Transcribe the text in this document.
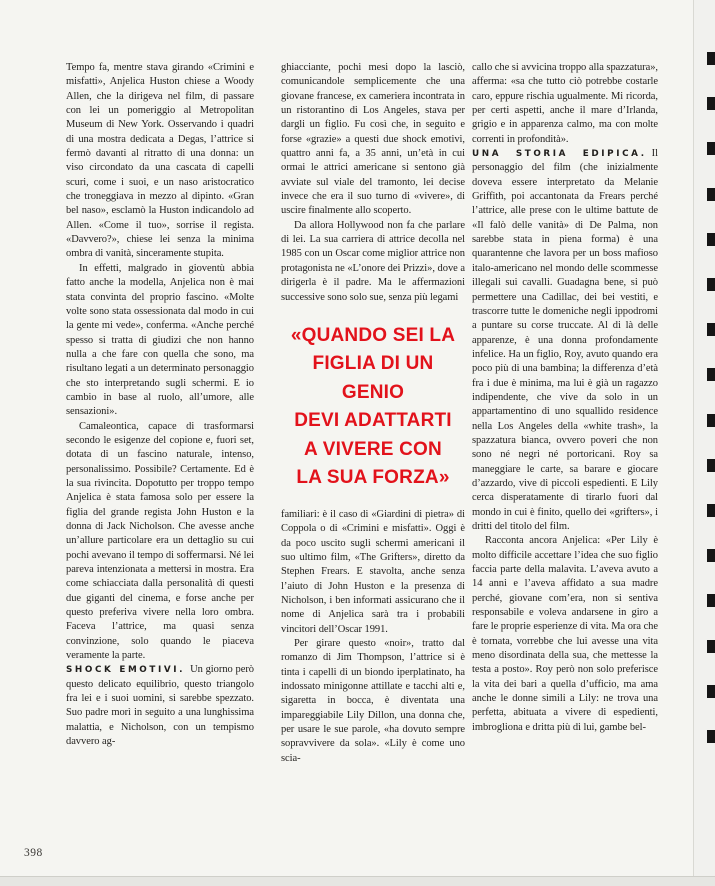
Tempo fa, mentre stava girando «Crimini e misfatti», Anjelica Huston chiese a Woody Allen, che la dirigeva nel film, di passare con lei un pomeriggio al Metropolitan Museum di New York. Osservando i quadri di una mostra dedicata a Degas, l’attrice si fermò davanti al ritratto di una donna: un viso circondato da una cascata di capelli scuri, come i suoi, e un naso aristocratico che troneggiava in mezzo al dipinto. «Gran bel naso», esclamò la Huston indicandolo ad Allen. «Come il tuo», sorrise il regista. «Davvero?», chiese lei senza la minima ombra di vanità, sinceramente stupita.

In effetti, malgrado in gioventù abbia fatto anche la modella, Anjelica non è mai stata convinta del proprio fascino. «Molte volte sono stata ossessionata dal modo in cui la gente mi vede», conferma. «Anche perché spesso si tratta di giudizi che non hanno nulla a che fare con quella che sono, ma risultano legati a un determinato personaggio che sto interpretando sugli schermi. E io cambio in base al ruolo, all’umore, alle sensazioni».

Camaleontica, capace di trasformarsi secondo le esigenze del copione e, fuori set, dotata di un fascino naturale, intenso, personalissimo. Possibile? Certamente. Ed è la sua rivincita. Dopotutto per troppo tempo Anjelica è stata famosa solo per essere la figlia del grande regista John Huston e la donna di Jack Nicholson. Che avesse anche un’allure particolare era un dettaglio su cui pochi avevano il tempo di soffermarsi. Né lei pareva intenzionata a mettersi in mostra. Era come schiacciata dalla personalità di questi due giganti del cinema, e forse anche per questo preferiva vivere nella loro ombra. Faceva l’attrice, ma quasi senza convinzione, solo quando le piaceva veramente la parte.

SHOCK EMOTIVI. Un giorno però questo delicato equilibrio, questo triangolo fra lei e i suoi uomini, si sarebbe spezzato. Suo padre morì in seguito a una lunghissima malattia, e Nicholson, con un tempismo davvero ag-

ghiacciante, pochi mesi dopo la lasciò, comunicandole semplicemente che una giovane francese, ex cameriera incontrata in un ristorantino di Los Angeles, stava per dargli un figlio. Fu così che, in seguito e forse «grazie» a questi due shock emotivi, quattro anni fa, a 35 anni, un’età in cui ormai le attrici americane si sentono già avviate sul viale del tramonto, lei decise invece che era il suo turno di «vivere», di uscire finalmente allo scoperto.

Da allora Hollywood non fa che parlare di lei. La sua carriera di attrice decolla nel 1985 con un Oscar come miglior attrice non protagonista ne «L’onore dei Prizzi», dove a dirigerla è il padre. Ma le affermazioni successive sono solo sue, senza più legami

«QUANDO SEI LA
FIGLIA DI UN GENIO
DEVI ADATTARTI
A VIVERE CON
LA SUA FORZA»

familiari: è il caso di «Giardini di pietra» di Coppola o di «Crimini e misfatti». Oggi è da poco uscito sugli schermi americani il suo ultimo film, «The Grifters», diretto da Stephen Frears. E stavolta, anche senza l’aiuto di John Huston e la presenza di Nicholson, i ben informati assicurano che il nome di Anjelica sarà tra i probabili vincitori dell’Oscar 1991.

Per girare questo «noir», tratto dal romanzo di Jim Thompson, l’attrice si è tinta i capelli di un biondo iperplatinato, ha indossato minigonne attillate e tacchi alti e, sigaretta in bocca, è diventata una impareggiabile Lily Dillon, una donna che, per usare le sue parole, «ha dovuto sempre sopravvivere da sola». «Lily è come uno scia-

callo che si avvicina troppo alla spazzatura», afferma: «sa che tutto ciò potrebbe costarle caro, eppure rischia ugualmente. Mi ricorda, per certi aspetti, anche il mare d’Irlanda, grigio e in apparenza calmo, ma con molte correnti in profondità».

UNA STORIA EDIPICA. Il personaggio del film (che inizialmente doveva essere interpretato da Melanie Griffith, poi accantonata da Frears perché l’attrice, alle prese con le ultime battute de «Il falò delle vanità» di De Palma, non sarebbe stata in piena forma) è una quarantenne che lavora per un boss mafioso italo-americano nel mondo delle scommesse illegali sui cavalli. Guadagna bene, si può permettere una Cadillac, dei bei vestiti, e trascorre tutte le domeniche negli ippodromi a puntare su corse truccate. Al di là delle apparenze, è una donna profondamente infelice. Ha un figlio, Roy, avuto quando era poco più di una bambina; la differenza d’età fra i due è minima, ma lui è già un ragazzo indipendente, che vive da solo in un appartamentino di uno squallido residence nella Los Angeles della «white trash», la spazzatura bianca, ovvero poveri che non sono né negri né portoricani. Roy sa maneggiare le carte, sa barare e giocare d’azzardo, vive di piccoli espedienti. E Lily cerca disperatamente di tirarlo fuori dal mondo in cui è finito, quello dei «grifters», i dritti del titolo del film.

Racconta ancora Anjelica: «Per Lily è molto difficile accettare l’idea che suo figlio faccia parte della malavita. L’aveva avuto a 14 anni e l’aveva affidato a sua madre perché, giovane com’era, non si sentiva responsabile e voleva andarsene in giro a fare le proprie esperienze di vita. Ma ora che è tornata, vorrebbe che lui avesse una vita meno disordinata della sua, che mettesse la testa a posto». Roy però non solo preferisce la vita dei bari a quella d’ufficio, ma ama anche le donne simili a Lily: ne trova una perfetta, abituata a vivere di espedienti, imbrogliona e dritta più di lui, gambe bel-

398
